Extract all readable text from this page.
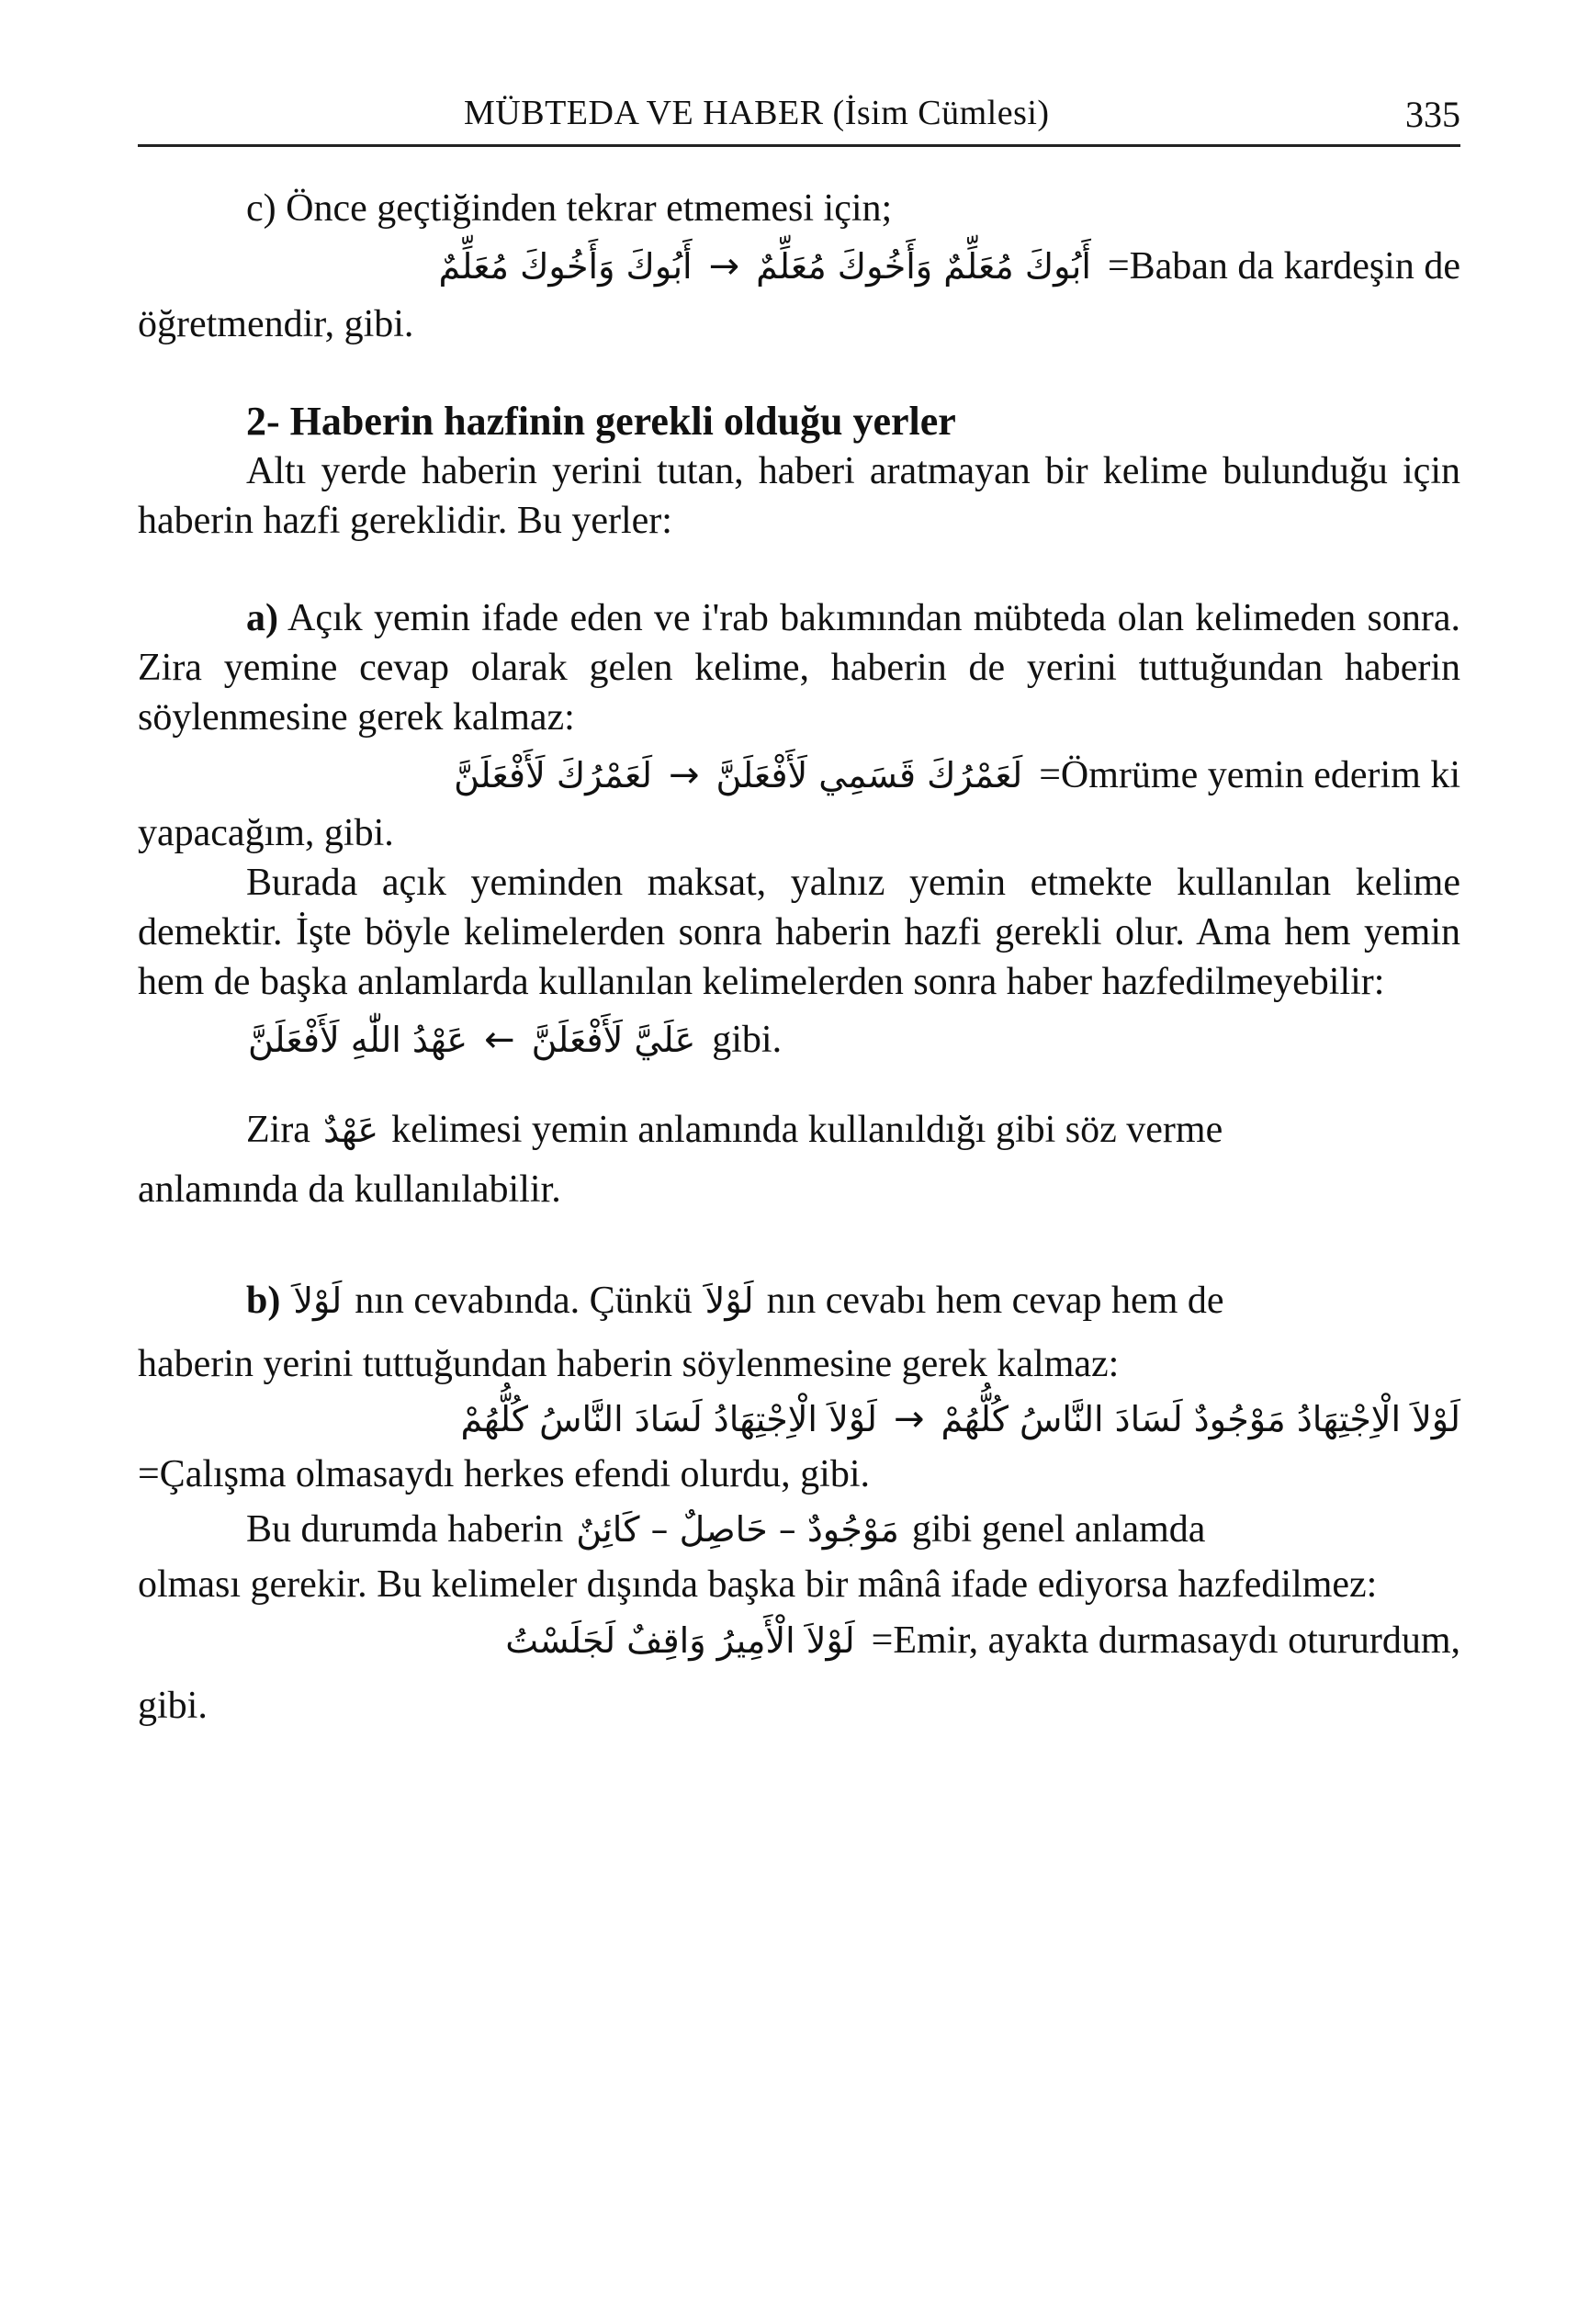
MÜBTEDA VE HABER (İsim Cümlesi)	335

c) Önce geçtiğinden tekrar etmemesi için;

أَبُوكَ وَأَخُوكَ مُعَلِّمٌ → أَبُوكَ مُعَلِّمٌ وَأَخُوكَ مُعَلِّمٌ =Baban da kardeşin de

öğretmendir, gibi.

2- Haberin hazfinin gerekli olduğu yerler

Altı yerde haberin yerini tutan, haberi aratmayan bir kelime bulunduğu için haberin hazfi gereklidir. Bu yerler:

a) Açık yemin ifade eden ve i'rab bakımından mübteda olan kelimeden sonra. Zira yemine cevap olarak gelen kelime, haberin de yerini tuttuğundan haberin söylenmesine gerek kalmaz:

لَعَمْرُكَ لَأَفْعَلَنَّ → لَعَمْرُكَ قَسَمِي لَأَفْعَلَنَّ =Ömrüme yemin ederim ki

yapacağım, gibi.

Burada açık yeminden maksat, yalnız yemin etmekte kullanılan kelime demektir. İşte böyle kelimelerden sonra haberin hazfi gerekli olur. Ama hem yemin hem de başka anlamlarda kullanılan kelimelerden sonra haber hazfedilmeyebilir:

عَهْدُ اللّٰهِ لَأَفْعَلَنَّ ← عَلَيَّ لَأَفْعَلَنَّ gibi.
Zira عَهْدٌ kelimesi yemin anlamında kullanıldığı gibi söz verme

anlamında da kullanılabilir.

b) لَوْلاَ nın cevabında. Çünkü لَوْلاَ nın cevabı hem cevap hem de

haberin yerini tuttuğundan haberin söylenmesine gerek kalmaz:

لَوْلاَ الْاِجْتِهَادُ لَسَادَ النَّاسُ كُلُّهُمْ → لَوْلاَ الْاِجْتِهَادُ مَوْجُودٌ لَسَادَ النَّاسُ كُلُّهُمْ

=Çalışma olmasaydı herkes efendi olurdu, gibi.

Bu durumda haberin مَوْجُودٌ – حَاصِلٌ – كَائِنٌ gibi genel anlamda

olması gerekir. Bu kelimeler dışında başka bir mânâ ifade ediyorsa hazfedilmez:

لَوْلاَ الْأَمِيرُ وَاقِفٌ لَجَلَسْتُ =Emir, ayakta durmasaydı otururdum,

gibi.
